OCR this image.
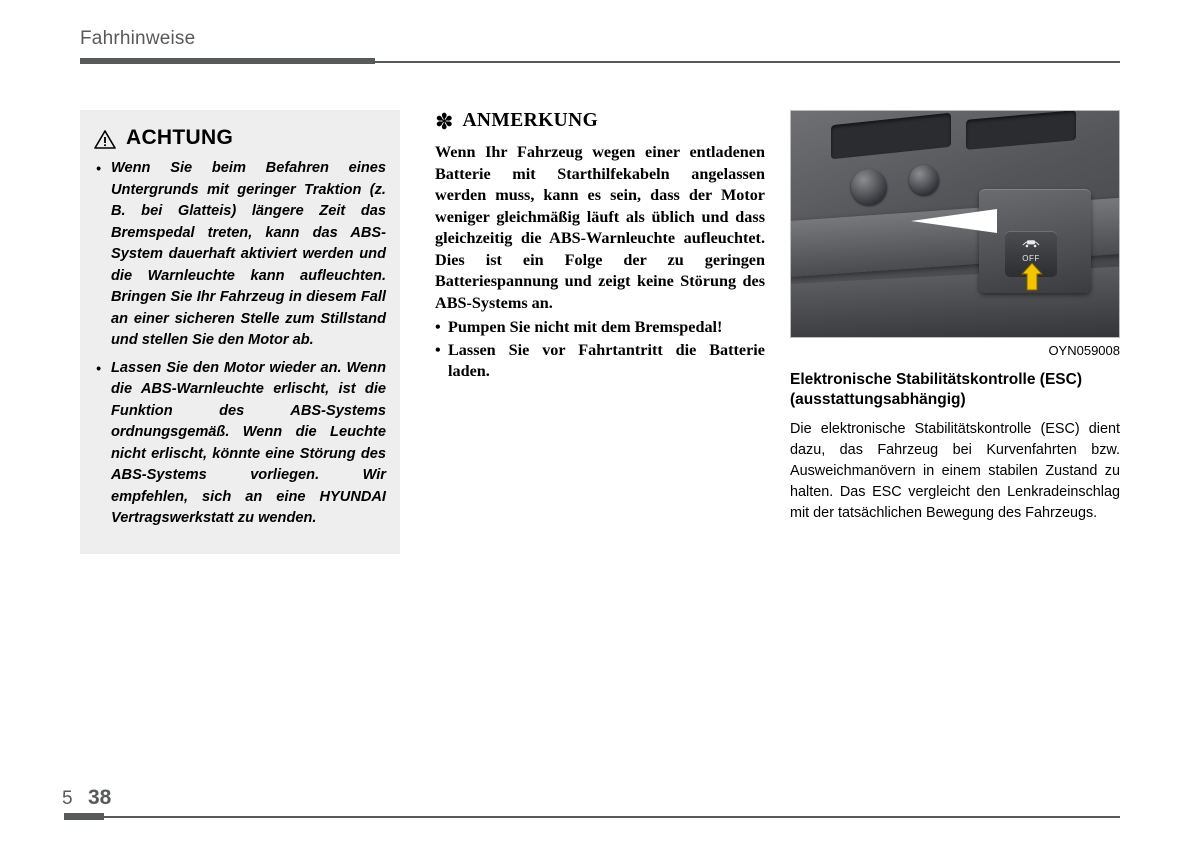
Fahrhinweise
ACHTUNG
• Wenn Sie beim Befahren eines Untergrunds mit geringer Traktion (z. B. bei Glatteis) längere Zeit das Bremspedal treten, kann das ABS-System dauerhaft aktiviert werden und die Warnleuchte kann aufleuchten. Bringen Sie Ihr Fahrzeug in diesem Fall an einer sicheren Stelle zum Stillstand und stellen Sie den Motor ab.
• Lassen Sie den Motor wieder an. Wenn die ABS-Warnleuchte erlischt, ist die Funktion des ABS-Systems ordnungsgemäß. Wenn die Leuchte nicht erlischt, könnte eine Störung des ABS-Systems vorliegen. Wir empfehlen, sich an eine HYUNDAI Vertragswerkstatt zu wenden.
✽ ANMERKUNG

Wenn Ihr Fahrzeug wegen einer entladenen Batterie mit Starthilfekabeln angelassen werden muss, kann es sein, dass der Motor weniger gleichmäßig läuft als üblich und dass gleichzeitig die ABS-Warnleuchte aufleuchtet. Dies ist ein Folge der zu geringen Batteriespannung und zeigt keine Störung des ABS-Systems an.

• Pumpen Sie nicht mit dem Bremspedal!
• Lassen Sie vor Fahrtantritt die Batterie laden.
OFF
OYN059008
Elektronische Stabilitätskontrolle (ESC) (ausstattungsabhängig)
Die elektronische Stabilitätskontrolle (ESC) dient dazu, das Fahrzeug bei Kurvenfahrten bzw. Ausweichmanövern in einem stabilen Zustand zu halten. Das ESC vergleicht den Lenkradeinschlag mit der tatsächlichen Bewegung des Fahrzeugs.
5 38
